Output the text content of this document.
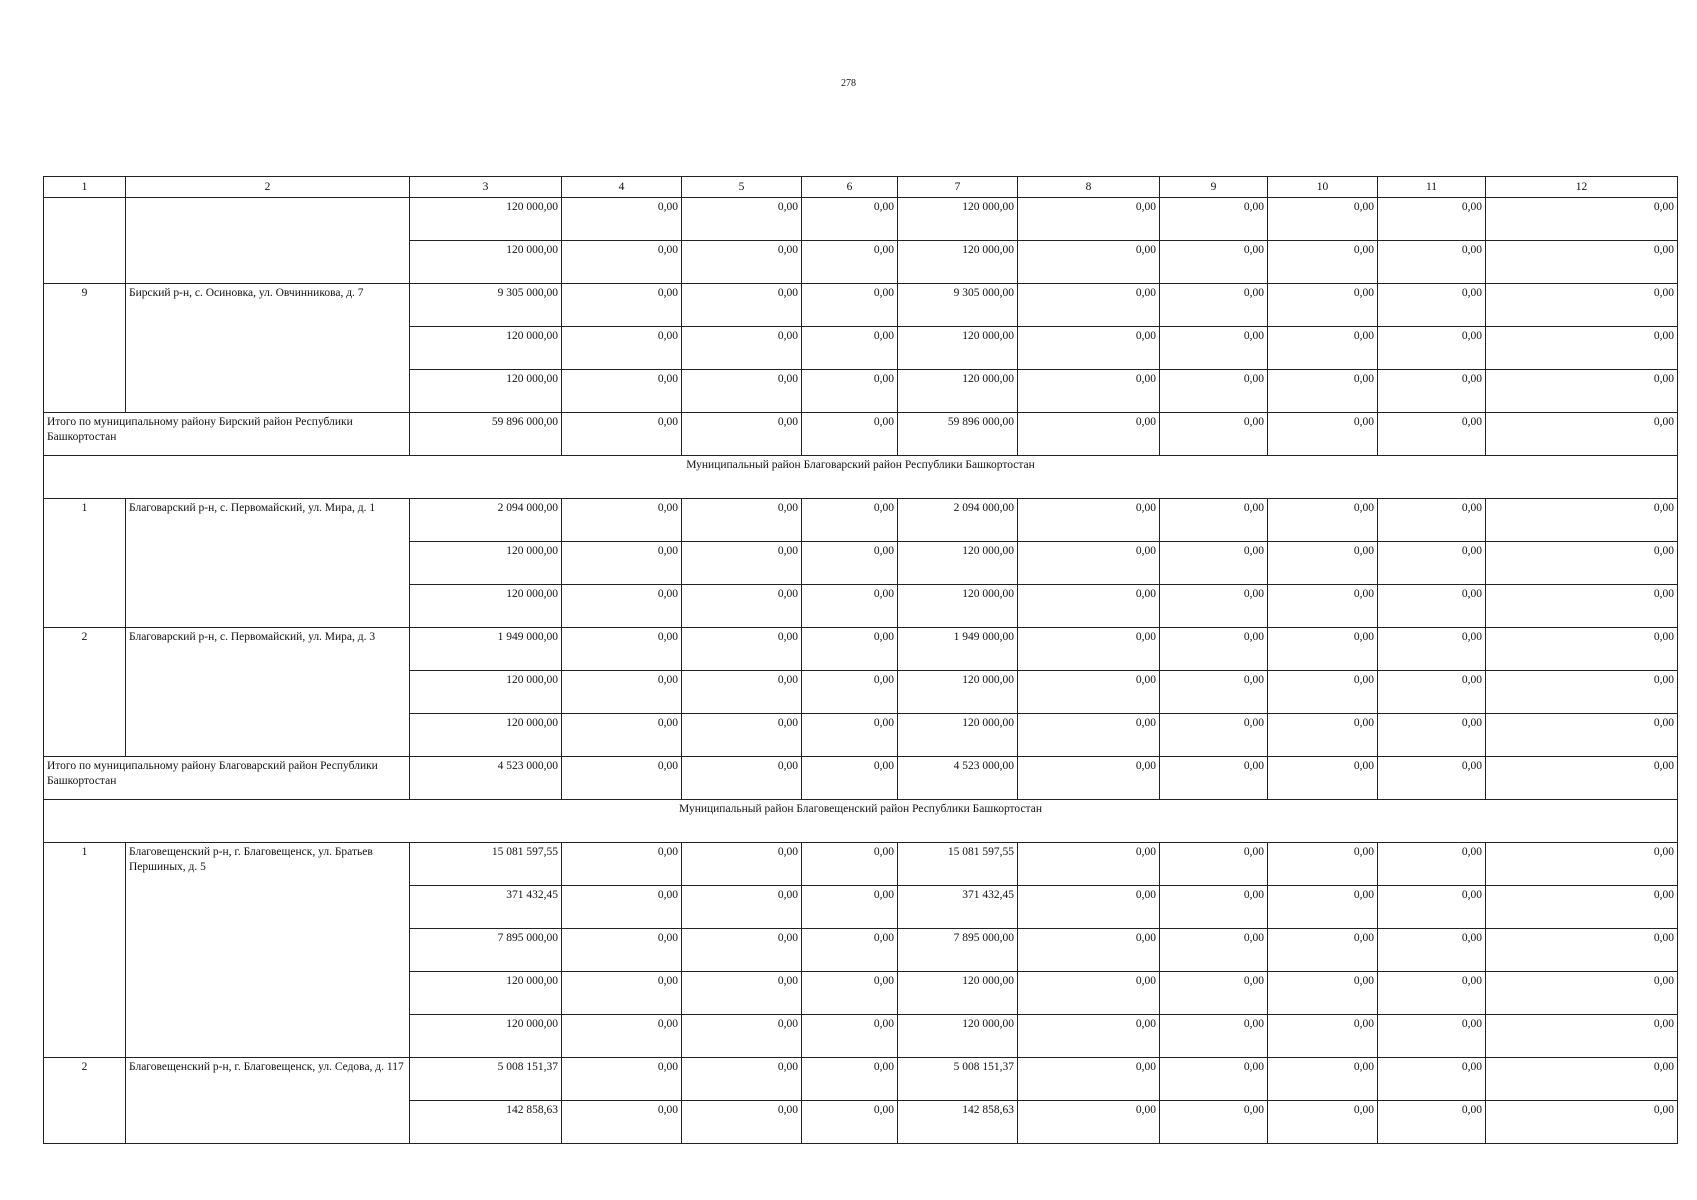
278
1	2	3	4	5	6	7	8	9	10	11	12
		120 000,00	0,00	0,00	0,00	120 000,00	0,00	0,00	0,00	0,00	0,00
		120 000,00	0,00	0,00	0,00	120 000,00	0,00	0,00	0,00	0,00	0,00
9	Бирский р-н, с. Осиновка, ул. Овчинникова, д. 7	9 305 000,00	0,00	0,00	0,00	9 305 000,00	0,00	0,00	0,00	0,00	0,00
		120 000,00	0,00	0,00	0,00	120 000,00	0,00	0,00	0,00	0,00	0,00
		120 000,00	0,00	0,00	0,00	120 000,00	0,00	0,00	0,00	0,00	0,00
Итого по муниципальному району Бирский район Республики Башкортостан		59 896 000,00	0,00	0,00	0,00	59 896 000,00	0,00	0,00	0,00	0,00	0,00
Муниципальный район Благоварский район Республики Башкортостан											
1	Благоварский р-н, с. Первомайский, ул. Мира, д. 1	2 094 000,00	0,00	0,00	0,00	2 094 000,00	0,00	0,00	0,00	0,00	0,00
		120 000,00	0,00	0,00	0,00	120 000,00	0,00	0,00	0,00	0,00	0,00
		120 000,00	0,00	0,00	0,00	120 000,00	0,00	0,00	0,00	0,00	0,00
2	Благоварский р-н, с. Первомайский, ул. Мира, д. 3	1 949 000,00	0,00	0,00	0,00	1 949 000,00	0,00	0,00	0,00	0,00	0,00
		120 000,00	0,00	0,00	0,00	120 000,00	0,00	0,00	0,00	0,00	0,00
		120 000,00	0,00	0,00	0,00	120 000,00	0,00	0,00	0,00	0,00	0,00
Итого по муниципальному району Благоварский район Республики Башкортостан		4 523 000,00	0,00	0,00	0,00	4 523 000,00	0,00	0,00	0,00	0,00	0,00
Муниципальный район Благовещенский район Республики Башкортостан											
1	Благовещенский р-н, г. Благовещенск, ул. Братьев Першиных, д. 5	15 081 597,55	0,00	0,00	0,00	15 081 597,55	0,00	0,00	0,00	0,00	0,00
		371 432,45	0,00	0,00	0,00	371 432,45	0,00	0,00	0,00	0,00	0,00
		7 895 000,00	0,00	0,00	0,00	7 895 000,00	0,00	0,00	0,00	0,00	0,00
		120 000,00	0,00	0,00	0,00	120 000,00	0,00	0,00	0,00	0,00	0,00
		120 000,00	0,00	0,00	0,00	120 000,00	0,00	0,00	0,00	0,00	0,00
2	Благовещенский р-н, г. Благовещенск, ул. Седова, д. 117	5 008 151,37	0,00	0,00	0,00	5 008 151,37	0,00	0,00	0,00	0,00	0,00
		142 858,63	0,00	0,00	0,00	142 858,63	0,00	0,00	0,00	0,00	0,00
